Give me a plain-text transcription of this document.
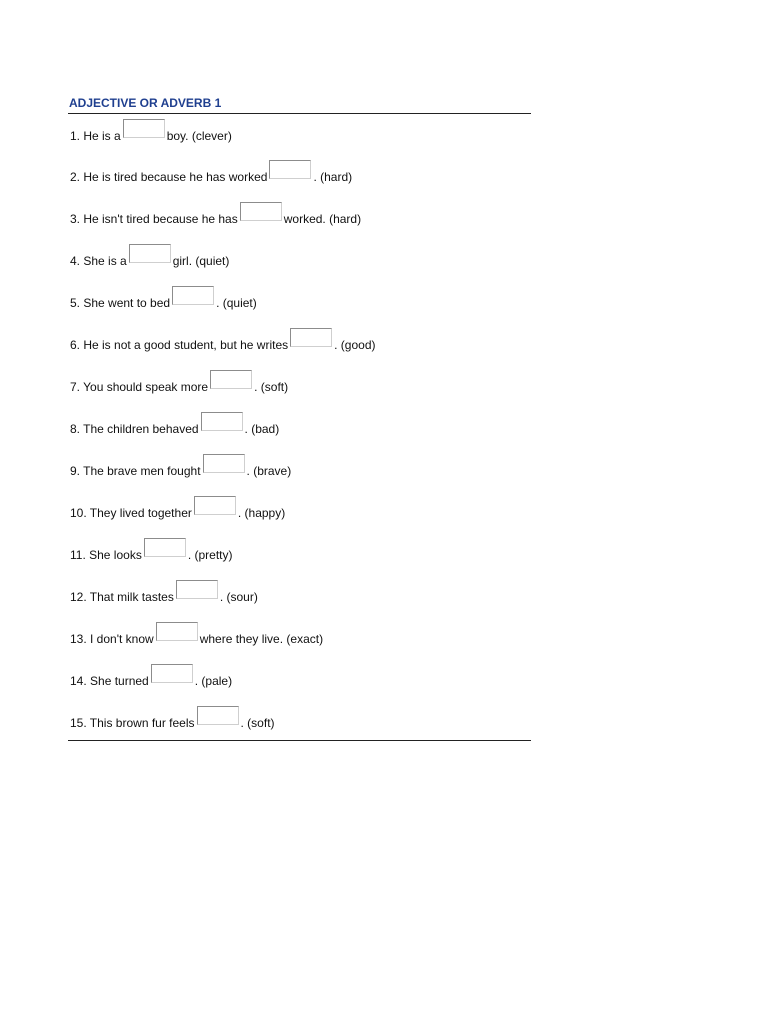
ADJECTIVE OR ADVERB 1
1. He is a	boy. (clever)
2. He is tired because he has worked	. (hard)
3. He isn't tired because he has	worked. (hard)
4. She is a	girl. (quiet)
5. She went to bed	. (quiet)
6. He is not a good student, but he writes	. (good)
7. You should speak more	. (soft)
8. The children behaved	. (bad)
9. The brave men fought	. (brave)
10. They lived together	. (happy)
11. She looks	. (pretty)
12. That milk tastes	. (sour)
13. I don't know	where they live. (exact)
14. She turned	. (pale)
15. This brown fur feels	. (soft)
